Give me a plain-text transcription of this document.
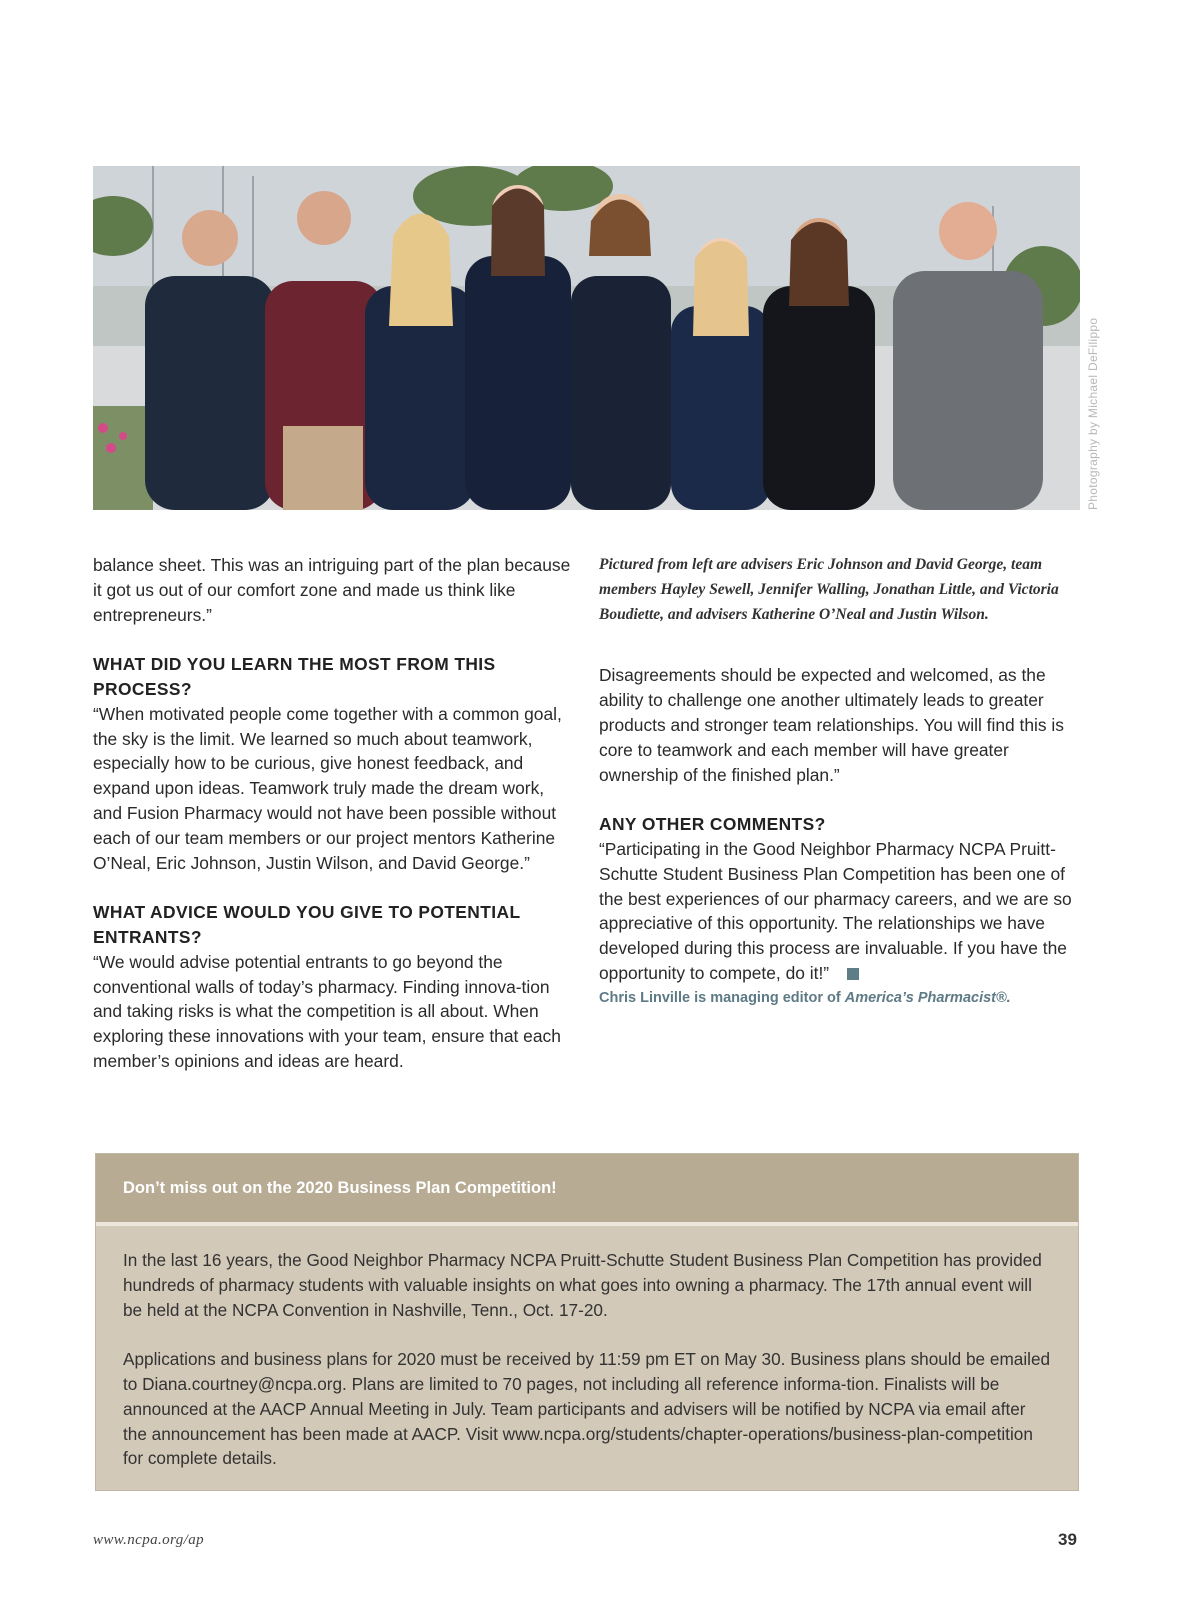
Photography by Michael DeFilippo

balance sheet. This was an intriguing part of the plan because it got us out of our comfort zone and made us think like entrepreneurs.”

WHAT DID YOU LEARN THE MOST FROM THIS PROCESS?

“When motivated people come together with a common goal, the sky is the limit. We learned so much about teamwork, especially how to be curious, give honest feedback, and expand upon ideas. Teamwork truly made the dream work, and Fusion Pharmacy would not have been possible without each of our team members or our project mentors Katherine O’Neal, Eric Johnson, Justin Wilson, and David George.”

WHAT ADVICE WOULD YOU GIVE TO POTENTIAL ENTRANTS?

“We would advise potential entrants to go beyond the conventional walls of today’s pharmacy. Finding innova-tion and taking risks is what the competition is all about. When exploring these innovations with your team, ensure that each member’s opinions and ideas are heard.

Pictured from left are advisers Eric Johnson and David George, team members Hayley Sewell, Jennifer Walling, Jonathan Little, and Victoria Boudiette, and advisers Katherine O’Neal and Justin Wilson.

Disagreements should be expected and welcomed, as the ability to challenge one another ultimately leads to greater products and stronger team relationships. You will find this is core to teamwork and each member will have greater ownership of the finished plan.”

ANY OTHER COMMENTS?

“Participating in the Good Neighbor Pharmacy NCPA Pruitt-Schutte Student Business Plan Competition has been one of the best experiences of our pharmacy careers, and we are so appreciative of this opportunity. The relationships we have developed during this process are invaluable. If you have the opportunity to compete, do it!”

Chris Linville is managing editor of America’s Pharmacist®.

Don’t miss out on the 2020 Business Plan Competition!

In the last 16 years, the Good Neighbor Pharmacy NCPA Pruitt-Schutte Student Business Plan Competition has provided hundreds of pharmacy students with valuable insights on what goes into owning a pharmacy. The 17th annual event will be held at the NCPA Convention in Nashville, Tenn., Oct. 17-20.

Applications and business plans for 2020 must be received by 11:59 pm ET on May 30. Business plans should be emailed to Diana.courtney@ncpa.org. Plans are limited to 70 pages, not including all reference informa-tion. Finalists will be announced at the AACP Annual Meeting in July. Team participants and advisers will be notified by NCPA via email after the announcement has been made at AACP. Visit www.ncpa.org/students/chapter-operations/business-plan-competition for complete details.

www.ncpa.org/ap	39
